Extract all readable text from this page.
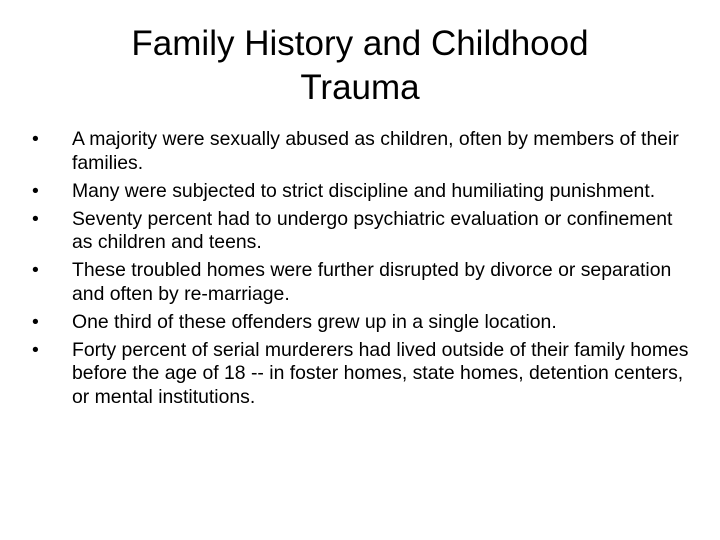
Family History and Childhood
Trauma
•	A majority were sexually abused as children, often by members of their families.
•	Many were subjected to strict discipline and humiliating punishment.
•	Seventy percent had to undergo psychiatric evaluation or confinement as children and teens.
•	These troubled homes were further disrupted by divorce or separation and often by re-marriage.
•	One third of these offenders grew up in a single location.
•	Forty percent of serial murderers had lived outside of their family homes before the age of 18 -- in foster homes, state homes, detention centers, or mental institutions.
